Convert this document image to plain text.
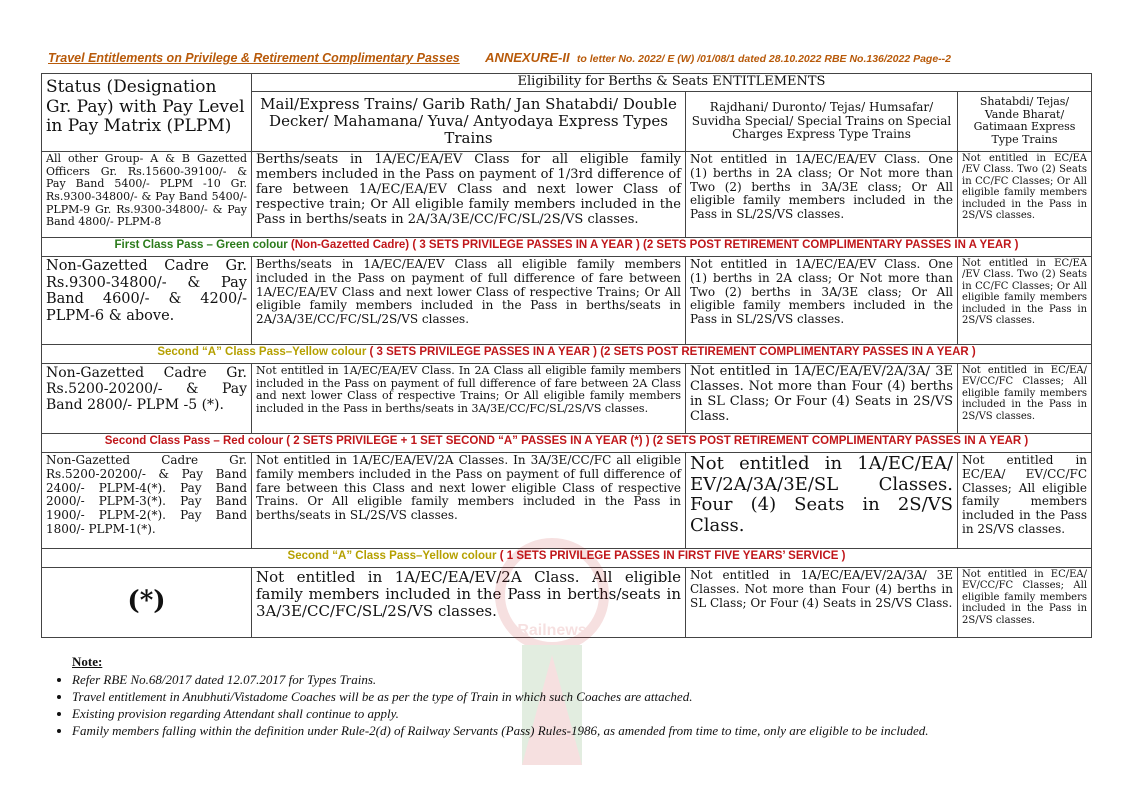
Travel Entitlements on Privilege & Retirement Complimentary Passes ANNEXURE-II to letter No. 2022/ E (W) /01/08/1 dated 28.10.2022 RBE No.136/2022 Page--2
Status (Designation Gr. Pay) with Pay Level in Pay Matrix (PLPM)	Eligibility for Berths & Seats ENTITLEMENTS		
	Mail/Express Trains/ Garib Rath/ Jan Shatabdi/ Double Decker/ Mahamana/ Yuva/ Antyodaya Express Types Trains	Rajdhani/ Duronto/ Tejas/ Humsafar/ Suvidha Special/ Special Trains on Special Charges Express Type Trains	Shatabdi/ Tejas/ Vande Bharat/ Gatimaan Express Type Trains
All other Group- A & B Gazetted Officers Gr. Rs.15600-39100/- & Pay Band 5400/- PLPM -10 Gr. Rs.9300-34800/- & Pay Band 5400/- PLPM-9 Gr. Rs.9300-34800/- & Pay Band 4800/- PLPM-8	Berths/seats in 1A/EC/EA/EV Class for all eligible family members included in the Pass on payment of 1/3rd difference of fare between 1A/EC/EA/EV Class and next lower Class of respective train; Or All eligible family members included in the Pass in berths/seats in 2A/3A/3E/CC/FC/SL/2S/VS classes.	Not entitled in 1A/EC/EA/EV Class. One (1) berths in 2A class; Or Not more than Two (2) berths in 3A/3E class; Or All eligible family members included in the Pass in SL/2S/VS classes.	Not entitled in EC/EA /EV Class. Two (2) Seats in CC/FC Classes; Or All eligible family members included in the Pass in 2S/VS classes.
First Class Pass – Green colour (Non-Gazetted Cadre) ( 3 SETS PRIVILEGE PASSES IN A YEAR ) (2 SETS POST RETIREMENT COMPLIMENTARY PASSES IN A YEAR )			
Non-Gazetted Cadre Gr. Rs.9300-34800/- & Pay Band 4600/- & 4200/- PLPM-6 & above.	Berths/seats in 1A/EC/EA/EV Class all eligible family members included in the Pass on payment of full difference of fare between 1A/EC/EA/EV Class and next lower Class of respective Trains; Or All eligible family members included in the Pass in berths/seats in 2A/3A/3E/CC/FC/SL/2S/VS classes.	Not entitled in 1A/EC/EA/EV Class. One (1) berths in 2A class; Or Not more than Two (2) berths in 3A/3E class; Or All eligible family members included in the Pass in SL/2S/VS classes.	Not entitled in EC/EA /EV Class. Two (2) Seats in CC/FC Classes; Or All eligible family members included in the Pass in 2S/VS classes.
Second “A” Class Pass–Yellow colour ( 3 SETS PRIVILEGE PASSES IN A YEAR ) (2 SETS POST RETIREMENT COMPLIMENTARY PASSES IN A YEAR )			
Non-Gazetted Cadre Gr. Rs.5200-20200/- & Pay Band 2800/- PLPM -5 (*).	Not entitled in 1A/EC/EA/EV Class. In 2A Class all eligible family members included in the Pass on payment of full difference of fare between 2A Class and next lower Class of respective Trains; Or All eligible family members included in the Pass in berths/seats in 3A/3E/CC/FC/SL/2S/VS classes.	Not entitled in 1A/EC/EA/EV/2A/3A/ 3E Classes. Not more than Four (4) berths in SL Class; Or Four (4) Seats in 2S/VS Class.	Not entitled in EC/EA/ EV/CC/FC Classes; All eligible family members included in the Pass in 2S/VS classes.
Second Class Pass – Red colour ( 2 SETS PRIVILEGE + 1 SET SECOND “A” PASSES IN A YEAR (*) ) (2 SETS POST RETIREMENT COMPLIMENTARY PASSES IN A YEAR )			
Non-Gazetted Cadre Gr. Rs.5200-20200/- & Pay Band 2400/- PLPM-4(*). Pay Band 2000/- PLPM-3(*). Pay Band 1900/- PLPM-2(*). Pay Band 1800/- PLPM-1(*).	Not entitled in 1A/EC/EA/EV/2A Classes. In 3A/3E/CC/FC all eligible family members included in the Pass on payment of full difference of fare between this Class and next lower eligible Class of respective Trains. Or All eligible family members included in the Pass in berths/seats in SL/2S/VS classes.	Not entitled in 1A/EC/EA/ EV/2A/3A/3E/SL Classes. Four (4) Seats in 2S/VS Class.	Not entitled in EC/EA/ EV/CC/FC Classes; All eligible family members included in the Pass in 2S/VS classes.
Second “A” Class Pass–Yellow colour ( 1 SETS PRIVILEGE PASSES IN FIRST FIVE YEARS’ SERVICE )			
(*)	Not entitled in 1A/EC/EA/EV/2A Class. All eligible family members included in the Pass in berths/seats in 3A/3E/CC/FC/SL/2S/VS classes.	Not entitled in 1A/EC/EA/EV/2A/3A/ 3E Classes. Not more than Four (4) berths in SL Class; Or Four (4) Seats in 2S/VS Class.	Not entitled in EC/EA/ EV/CC/FC Classes; All eligible family members included in the Pass in 2S/VS classes.
Railnews
Note:
• Refer RBE No.68/2017 dated 12.07.2017 for Types Trains.
• Travel entitlement in Anubhuti/Vistadome Coaches will be as per the type of Train in which such Coaches are attached.
• Existing provision regarding Attendant shall continue to apply.
• Family members falling within the definition under Rule-2(d) of Railway Servants (Pass) Rules-1986, as amended from time to time, only are eligible to be included.
